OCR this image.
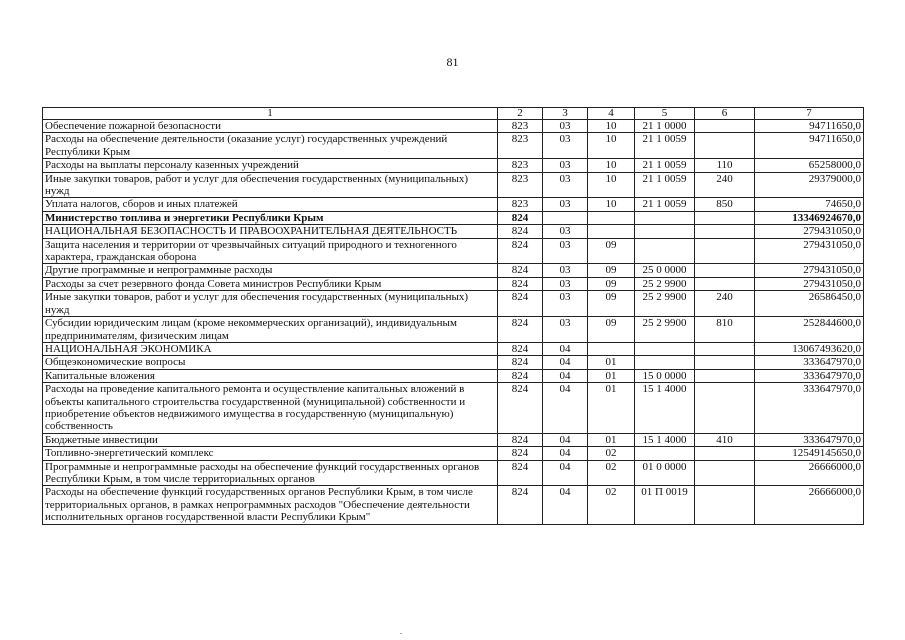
81
1	2	3	4	5	6	7
Обеспечение пожарной безопасности	823	03	10	21 1 0000		94711650,0
Расходы на обеспечение деятельности (оказание услуг) государственных учреждений Республики Крым	823	03	10	21 1 0059		94711650,0
Расходы на выплаты персоналу казенных учреждений	823	03	10	21 1 0059	110	65258000,0
Иные закупки товаров, работ и услуг для обеспечения государственных (муниципальных) нужд	823	03	10	21 1 0059	240	29379000,0
Уплата налогов, сборов и иных платежей	823	03	10	21 1 0059	850	74650,0
Министерство топлива и энергетики Республики Крым	824					13346924670,0
НАЦИОНАЛЬНАЯ БЕЗОПАСНОСТЬ И ПРАВООХРАНИТЕЛЬНАЯ ДЕЯТЕЛЬНОСТЬ	824	03				279431050,0
Защита населения и территории от чрезвычайных ситуаций природного и техногенного характера, гражданская оборона	824	03	09			279431050,0
Другие программные и непрограммные расходы	824	03	09	25 0 0000		279431050,0
Расходы за счет резервного фонда Совета министров Республики Крым	824	03	09	25 2 9900		279431050,0
Иные закупки товаров, работ и услуг для обеспечения государственных (муниципальных) нужд	824	03	09	25 2 9900	240	26586450,0
Субсидии юридическим лицам (кроме некоммерческих организаций), индивидуальным предпринимателям, физическим лицам	824	03	09	25 2 9900	810	252844600,0
НАЦИОНАЛЬНАЯ ЭКОНОМИКА	824	04				13067493620,0
Общеэкономические вопросы	824	04	01			333647970,0
Капитальные вложения	824	04	01	15 0 0000		333647970,0
Расходы на проведение капитального ремонта и осуществление капитальных вложений в объекты капитального строительства государственной (муниципальной) собственности и приобретение объектов недвижимого имущества в государственную (муниципальную) собственность	824	04	01	15 1 4000		333647970,0
Бюджетные инвестиции	824	04	01	15 1 4000	410	333647970,0
Топливно-энергетический комплекс	824	04	02			12549145650,0
Программные и непрограммные расходы на обеспечение функций государственных органов Республики Крым, в том числе территориальных органов	824	04	02	01 0 0000		26666000,0
Расходы на обеспечение функций государственных органов Республики Крым, в том числе территориальных органов, в рамках непрограммных расходов "Обеспечение деятельности исполнительных органов государственной власти Республики Крым"	824	04	02	01 П 0019		26666000,0
.
.
